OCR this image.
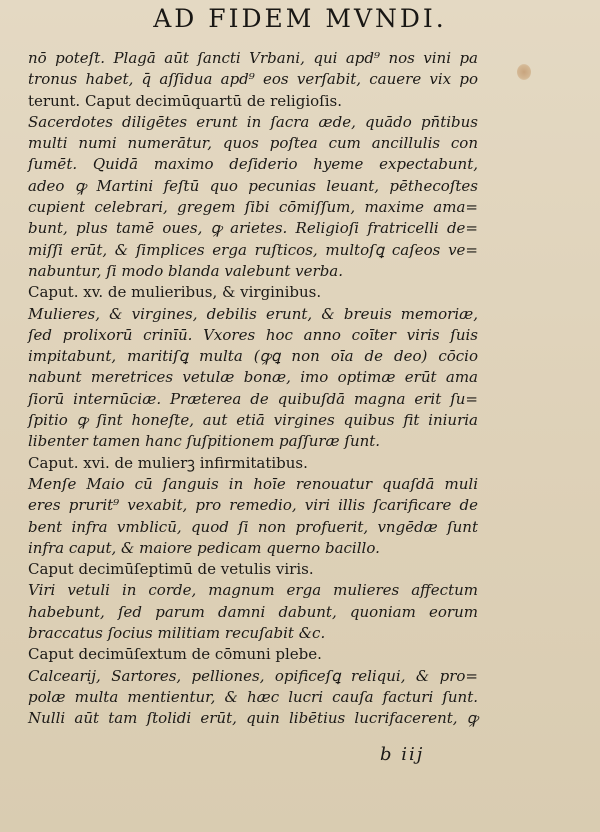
AD FIDEM MVNDI.
nō poteſt. Plagā aūt ſancti Vrbani, qui apd⁹ nos vini pa
tronus habet, q̄ aſſidua apd⁹ eos verſabit, cauere vix po
terunt. Caput decimūquartū de religioſis.
Sacerdotes diligētes erunt in ſacra æde, quādo pn̄tibus
multi numi numerātur, quos poſtea cum ancillulis con
ſumēt. Quidā maximo deſiderio hyeme expectabunt,
adeo ꝙ Martini feſtū quo pecunias leuant, pēthecoſtes
cupient celebrari, gregem ſibi cōmiſſum, maxime ama=
bunt, plus tamē oues, ꝙ arietes. Religioſi fratricelli de=
miſſi erūt, & ſimplices erga ruſticos, multoſꝗ caſeos ve=
nabuntur, ſi modo blanda valebunt verba.
Caput. xv. de mulieribus, & virginibus.
Mulieres, & virgines, debilis erunt, & breuis memoriæ,
ſed prolixorū crinīū. Vxores hoc anno coīter viris ſuis
impitabunt, maritiſꝗ multa (ꝙꝗ non oīa de deo) cōcio
nabunt meretrices vetulæ bonæ, imo optimæ erūt ama
ſiorū internūciæ. Præterea de quibuſdā magna erit ſu=
ſpitio ꝙ ſint honeſte, aut etiā virgines quibus fit iniuria
libenter tamen hanc ſuſpitionem paſſuræ ſunt.
Caput. xvi. de mulierꝫ infirmitatibus.
Menſe Maio cū ſanguis in hoīe renouatur quaſdā muli
eres prurit⁹ vexabit, pro remedio, viri illis ſcarificare de
bent infra vmblicū, quod ſi non profuerit, vngēdæ ſunt
infra caput, & maiore pedicam querno bacillo.
Caput decimūſeptimū de vetulis viris.
Viri vetuli in corde, magnum erga mulieres affectum
habebunt, ſed parum damni dabunt, quoniam eorum
braccatus ſocius militiam recuſabit &c.
Caput decimūſextum de cōmuni plebe.
Calcearij, Sartores, pelliones, opificeſꝗ reliqui, & pro=
polæ multa mentientur, & hæc lucri cauſa facturi ſunt.
Nulli aūt tam ſtolidi erūt, quin libētius lucrifacerent, ꝙ
b iij
